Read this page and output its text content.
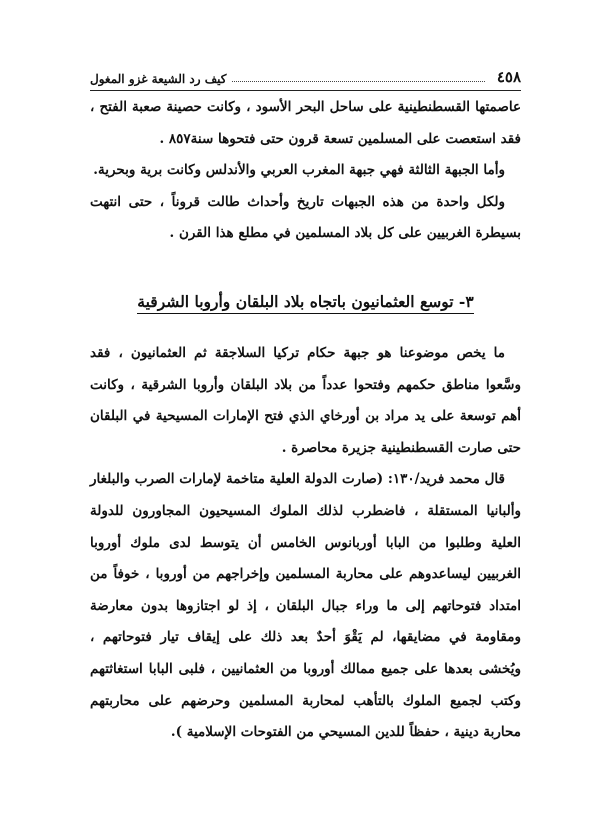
٤٥٨
كيف رد الشيعة غزو المغول

عاصمتها القسطنطينية على ساحل البحر الأسود ، وكانت حصينة صعبة الفتح ، فقد استعصت على المسلمين تسعة قرون حتى فتحوها سنة٨٥٧ .

وأما الجبهة الثالثة فهي جبهة المغرب العربي والأندلس وكانت برية وبحرية.

ولكل واحدة من هذه الجبهات تاريخ وأحداث طالت قروناً ، حتى انتهت بسيطرة الغربيين على كل بلاد المسلمين في مطلع هذا القرن .

٣- توسع العثمانيون باتجاه بلاد البلقان وأروبا الشرقية

ما يخص موضوعنا هو جبهة حكام تركيا السلاجقة ثم العثمانيون ، فقد وسَّعوا مناطق حكمهم وفتحوا عدداً من بلاد البلقان وأروبا الشرقية ، وكانت أهم توسعة على يد مراد بن أورخاي الذي فتح الإمارات المسيحية في البلقان حتى صارت القسطنطينية جزيرة محاصرة .

قال محمد فريد/١٣٠: (صارت الدولة العلية متاخمة لإمارات الصرب والبلغار وألبانيا المستقلة ، فاضطرب لذلك الملوك المسيحيون المجاورون للدولة العلية وطلبوا من البابا أوربانوس الخامس أن يتوسط لدى ملوك أوروبا الغربيين ليساعدوهم على محاربة المسلمين وإخراجهم من أوروبا ، خوفاً من امتداد فتوحاتهم إلى ما وراء جبال البلقان ، إذ لو اجتازوها بدون معارضة ومقاومة في مضايقها، لم يَقْوَ أحدٌ بعد ذلك على إيقاف تيار فتوحاتهم ، ويُخشى بعدها على جميع ممالك أوروبا من العثمانيين ، فلبى البابا استغاثتهم وكتب لجميع الملوك بالتأهب لمحاربة المسلمين وحرضهم على محاربتهم محاربة دينية ، حفظاً للدين المسيحي من الفتوحات الإسلامية ).
